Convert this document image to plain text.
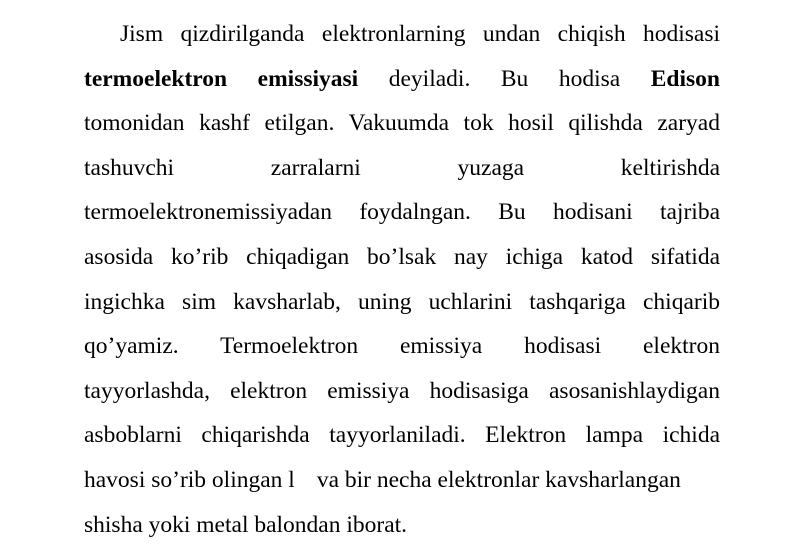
Jism qizdirilganda elektronlarning undan chiqish hodisasi
termoelektron emissiyasi deyiladi. Bu hodisa Edison
tomonidan kashf etilgan. Vakuumda tok hosil qilishda zaryad
tashuvchi zarralarni yuzaga keltirishda
termoelektronemissiyadan foydalngan. Bu hodisani tajriba
asosida ko’rib chiqadigan bo’lsak nay ichiga katod sifatida
ingichka sim kavsharlab, uning uchlarini tashqariga chiqarib
qo’yamiz. Termoelektron emissiya hodisasi elektron
tayyorlashda, elektron emissiya hodisasiga asosanishlaydigan
asboblarni chiqarishda tayyorlaniladi. Elektron lampa ichida
havosi so’rib olingan l va bir necha elektronlar kavsharlangan
shisha yoki metal balondan iborat.
